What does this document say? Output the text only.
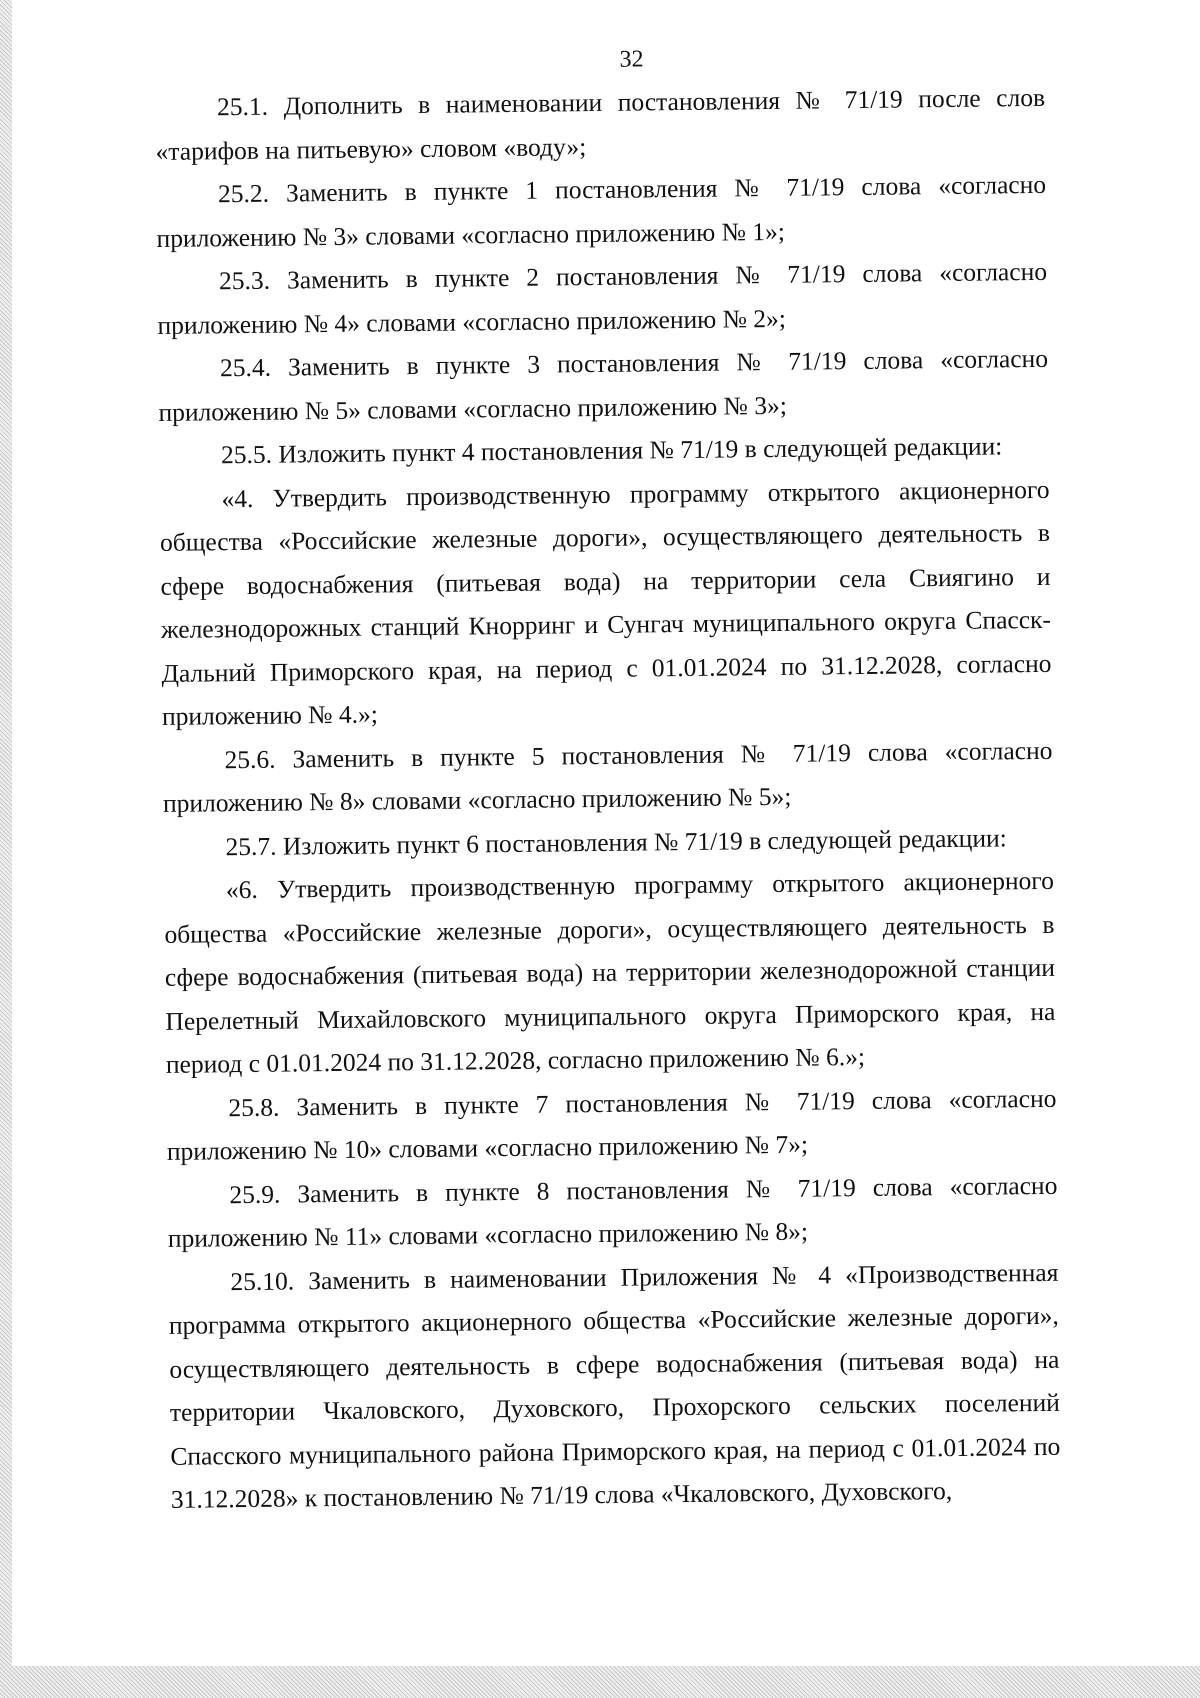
32

25.1. Дополнить в наименовании постановления № 71/19 после слов «тарифов на питьевую» словом «воду»;

25.2. Заменить в пункте 1 постановления № 71/19 слова «согласно приложению № 3» словами «согласно приложению № 1»;

25.3. Заменить в пункте 2 постановления № 71/19 слова «согласно приложению № 4» словами «согласно приложению № 2»;

25.4. Заменить в пункте 3 постановления № 71/19 слова «согласно приложению № 5» словами «согласно приложению № 3»;

25.5. Изложить пункт 4 постановления № 71/19 в следующей редакции:

«4. Утвердить производственную программу открытого акционерного общества «Российские железные дороги», осуществляющего деятельность в сфере водоснабжения (питьевая вода) на территории села Свиягино и железнодорожных станций Кнорринг и Сунгач муниципального округа Спасск-Дальний Приморского края, на период с 01.01.2024 по 31.12.2028, согласно приложению № 4.»;

25.6. Заменить в пункте 5 постановления № 71/19 слова «согласно приложению № 8» словами «согласно приложению № 5»;

25.7. Изложить пункт 6 постановления № 71/19 в следующей редакции:

«6. Утвердить производственную программу открытого акционерного общества «Российские железные дороги», осуществляющего деятельность в сфере водоснабжения (питьевая вода) на территории железнодорожной станции Перелетный Михайловского муниципального округа Приморского края, на период с 01.01.2024 по 31.12.2028, согласно приложению № 6.»;

25.8. Заменить в пункте 7 постановления № 71/19 слова «согласно приложению № 10» словами «согласно приложению № 7»;

25.9. Заменить в пункте 8 постановления № 71/19 слова «согласно приложению № 11» словами «согласно приложению № 8»;

25.10. Заменить в наименовании Приложения № 4 «Производственная программа открытого акционерного общества «Российские железные дороги», осуществляющего деятельность в сфере водоснабжения (питьевая вода) на территории Чкаловского, Духовского, Прохорского сельских поселений Спасского муниципального района Приморского края, на период с 01.01.2024 по 31.12.2028» к постановлению № 71/19 слова «Чкаловского, Духовского,
